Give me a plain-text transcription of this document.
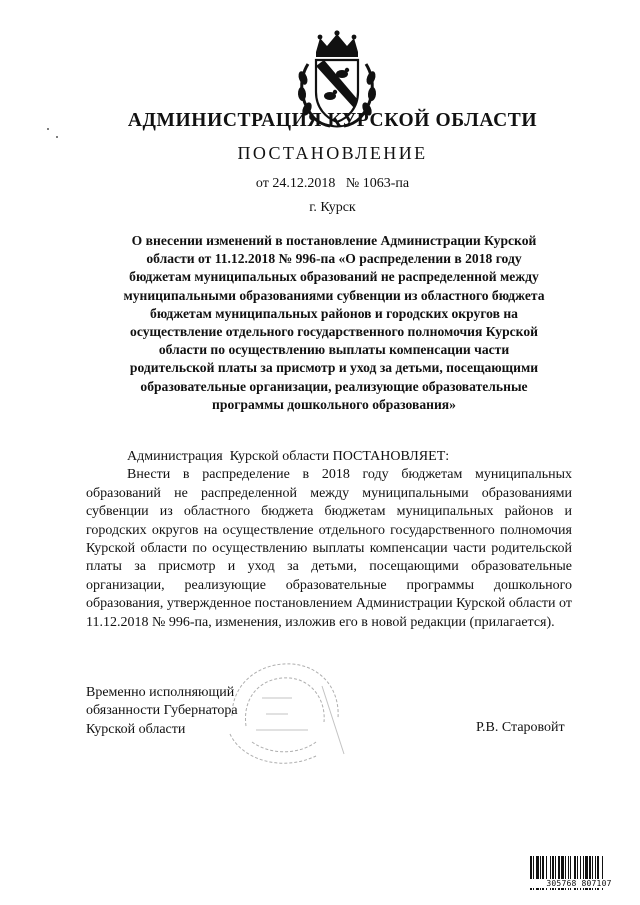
АДМИНИСТРАЦИЯ КУРСКОЙ ОБЛАСТИ
ПОСТАНОВЛЕНИЕ
от 24.12.2018   № 1063-па
г. Курск
О внесении изменений в постановление Администрации Курской
области от 11.12.2018 № 996-па «О распределении в 2018 году
бюджетам муниципальных образований не распределенной между
муниципальными образованиями субвенции из областного бюджета
бюджетам муниципальных районов и городских округов на
осуществление отдельного государственного полномочия Курской
области по осуществлению выплаты компенсации части
родительской платы за присмотр и уход за детьми, посещающими
образовательные организации, реализующие образовательные
программы дошкольного образования»

Администрация  Курской области ПОСТАНОВЛЯЕТ:

Внести в распределение в 2018 году бюджетам муниципальных образований не распределенной между муниципальными образованиями субвенции из областного бюджета бюджетам муниципальных районов и городских округов на осуществление отдельного государственного полномочия Курской области по осуществлению выплаты компенсации части родительской платы за присмотр и уход за детьми, посещающими образовательные организации, реализующие образовательные программы дошкольного образования, утвержденное постановлением Администрации Курской области от 11.12.2018 № 996-па, изменения, изложив его в новой редакции (прилагается).

Временно исполняющий
обязанности Губернатора
Курской области	Р.В. Старовойт
305768 807107
